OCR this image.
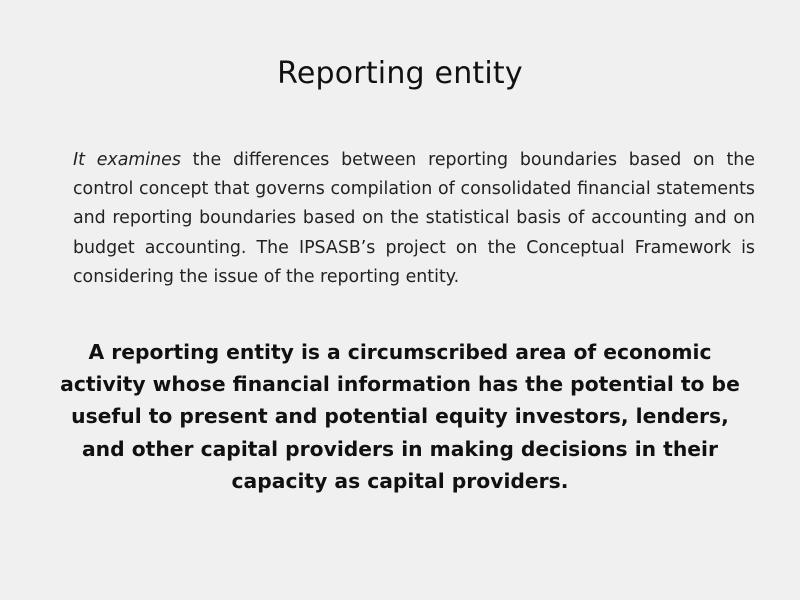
Reporting entity

It examines the differences between reporting boundaries based on the control concept that governs compilation of consolidated financial statements and reporting boundaries based on the statistical basis of accounting and on budget accounting. The IPSASB’s project on the Conceptual Framework is considering the issue of the reporting entity.

A reporting entity is a circumscribed area of economic activity whose financial information has the potential to be useful to present and potential equity investors, lenders, and other capital providers in making decisions in their capacity as capital providers.
